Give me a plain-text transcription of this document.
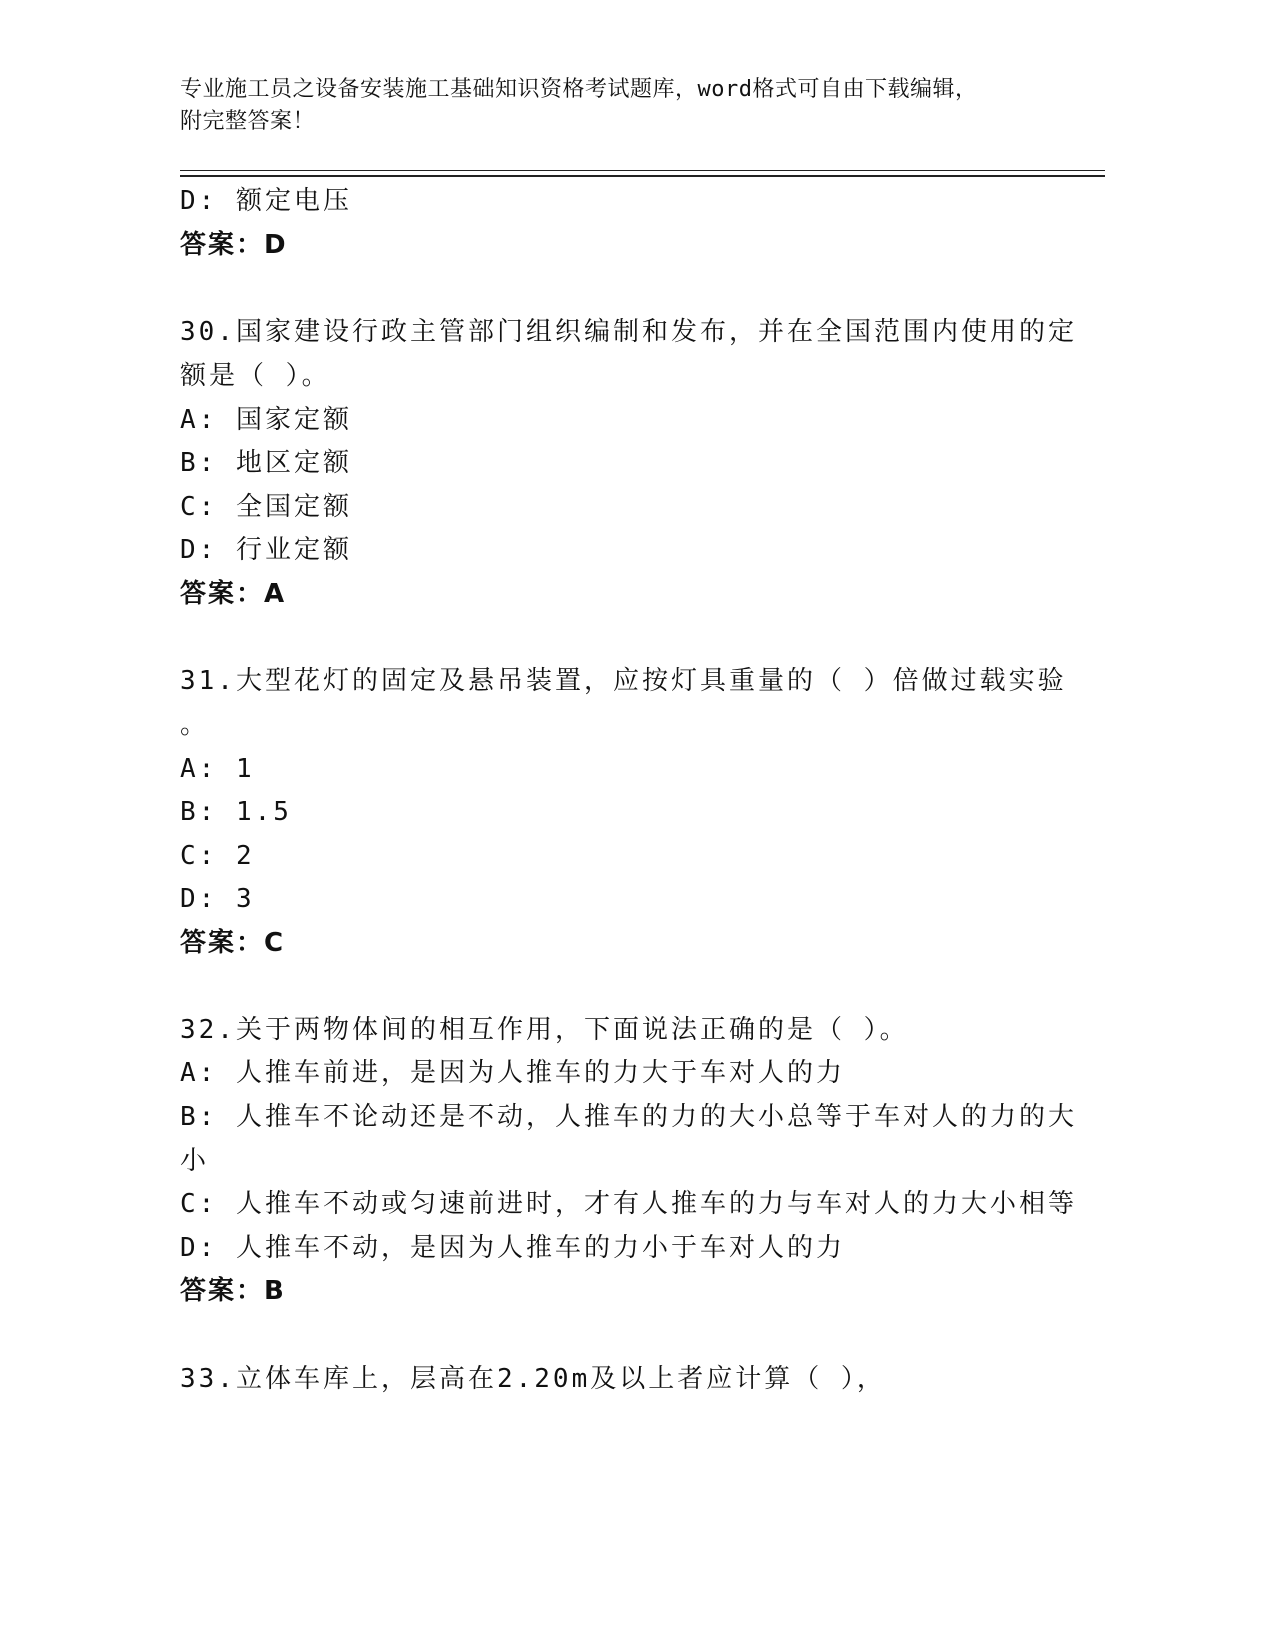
专业施工员之设备安装施工基础知识资格考试题库，word格式可自由下载编辑，
附完整答案！
D: 额定电压
答案：D
30.国家建设行政主管部门组织编制和发布，并在全国范围内使用的定
额是（ ）。
A: 国家定额
B: 地区定额
C: 全国定额
D: 行业定额
答案：A
31.大型花灯的固定及悬吊装置，应按灯具重量的（ ）倍做过载实验
。
A: 1
B: 1.5
C: 2
D: 3
答案：C
32.关于两物体间的相互作用，下面说法正确的是（ ）。
A: 人推车前进，是因为人推车的力大于车对人的力
B: 人推车不论动还是不动，人推车的力的大小总等于车对人的力的大
小
C: 人推车不动或匀速前进时，才有人推车的力与车对人的力大小相等
D: 人推车不动，是因为人推车的力小于车对人的力
答案：B
33.立体车库上，层高在2.20m及以上者应计算（ ），
